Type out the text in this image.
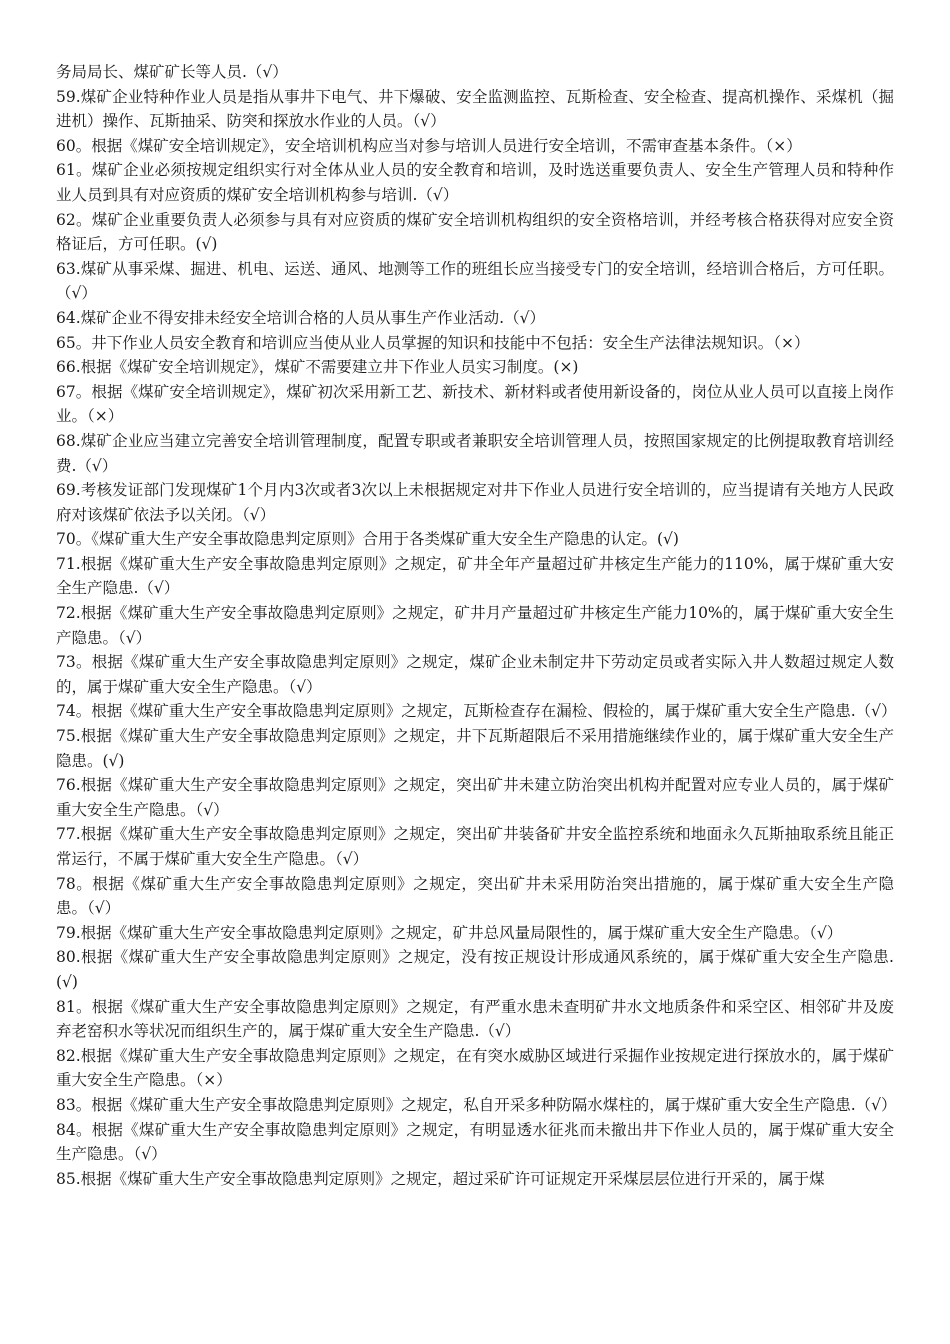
务局局长、煤矿矿长等人员.（√）

59.煤矿企业特种作业人员是指从事井下电气、井下爆破、安全监测监控、瓦斯检查、安全检查、提高机操作、采煤机（掘进机）操作、瓦斯抽采、防突和探放水作业的人员。（√）

60。根据《煤矿安全培训规定》，安全培训机构应当对参与培训人员进行安全培训，不需审查基本条件。（×）

61。煤矿企业必须按规定组织实行对全体从业人员的安全教育和培训，及时选送重要负责人、安全生产管理人员和特种作业人员到具有对应资质的煤矿安全培训机构参与培训.（√）

62。煤矿企业重要负责人必须参与具有对应资质的煤矿安全培训机构组织的安全资格培训，并经考核合格获得对应安全资格证后，方可任职。(√)

63.煤矿从事采煤、掘进、机电、运送、通风、地测等工作的班组长应当接受专门的安全培训，经培训合格后，方可任职。（√）

64.煤矿企业不得安排未经安全培训合格的人员从事生产作业活动.（√）

65。井下作业人员安全教育和培训应当使从业人员掌握的知识和技能中不包括：安全生产法律法规知识。（×）

66.根据《煤矿安全培训规定》，煤矿不需要建立井下作业人员实习制度。(×)

67。根据《煤矿安全培训规定》，煤矿初次采用新工艺、新技术、新材料或者使用新设备的，岗位从业人员可以直接上岗作业。（×）

68.煤矿企业应当建立完善安全培训管理制度，配置专职或者兼职安全培训管理人员，按照国家规定的比例提取教育培训经费.（√）

69.考核发证部门发现煤矿1个月内3次或者3次以上未根据规定对井下作业人员进行安全培训的，应当提请有关地方人民政府对该煤矿依法予以关闭。（√）

70。《煤矿重大生产安全事故隐患判定原则》合用于各类煤矿重大安全生产隐患的认定。(√)

71.根据《煤矿重大生产安全事故隐患判定原则》之规定，矿井全年产量超过矿井核定生产能力的110%，属于煤矿重大安全生产隐患.（√）

72.根据《煤矿重大生产安全事故隐患判定原则》之规定，矿井月产量超过矿井核定生产能力10%的，属于煤矿重大安全生产隐患。（√）

73。根据《煤矿重大生产安全事故隐患判定原则》之规定，煤矿企业未制定井下劳动定员或者实际入井人数超过规定人数的，属于煤矿重大安全生产隐患。（√）

74。根据《煤矿重大生产安全事故隐患判定原则》之规定，瓦斯检查存在漏检、假检的，属于煤矿重大安全生产隐患.（√）

75.根据《煤矿重大生产安全事故隐患判定原则》之规定，井下瓦斯超限后不采用措施继续作业的，属于煤矿重大安全生产隐患。(√)

76.根据《煤矿重大生产安全事故隐患判定原则》之规定，突出矿井未建立防治突出机构并配置对应专业人员的，属于煤矿重大安全生产隐患。（√）

77.根据《煤矿重大生产安全事故隐患判定原则》之规定，突出矿井装备矿井安全监控系统和地面永久瓦斯抽取系统且能正常运行，不属于煤矿重大安全生产隐患。（√）

78。根据《煤矿重大生产安全事故隐患判定原则》之规定，突出矿井未采用防治突出措施的，属于煤矿重大安全生产隐患。（√）

79.根据《煤矿重大生产安全事故隐患判定原则》之规定，矿井总风量局限性的，属于煤矿重大安全生产隐患。（√）

80.根据《煤矿重大生产安全事故隐患判定原则》之规定，没有按正规设计形成通风系统的，属于煤矿重大安全生产隐患.(√)

81。根据《煤矿重大生产安全事故隐患判定原则》之规定，有严重水患未查明矿井水文地质条件和采空区、相邻矿井及废弃老窑积水等状况而组织生产的，属于煤矿重大安全生产隐患.（√）

82.根据《煤矿重大生产安全事故隐患判定原则》之规定，在有突水威胁区域进行采掘作业按规定进行探放水的，属于煤矿重大安全生产隐患。（×）

83。根据《煤矿重大生产安全事故隐患判定原则》之规定，私自开采多种防隔水煤柱的，属于煤矿重大安全生产隐患.（√）

84。根据《煤矿重大生产安全事故隐患判定原则》之规定，有明显透水征兆而未撤出井下作业人员的，属于煤矿重大安全生产隐患。（√）

85.根据《煤矿重大生产安全事故隐患判定原则》之规定，超过采矿许可证规定开采煤层层位进行开采的，属于煤
